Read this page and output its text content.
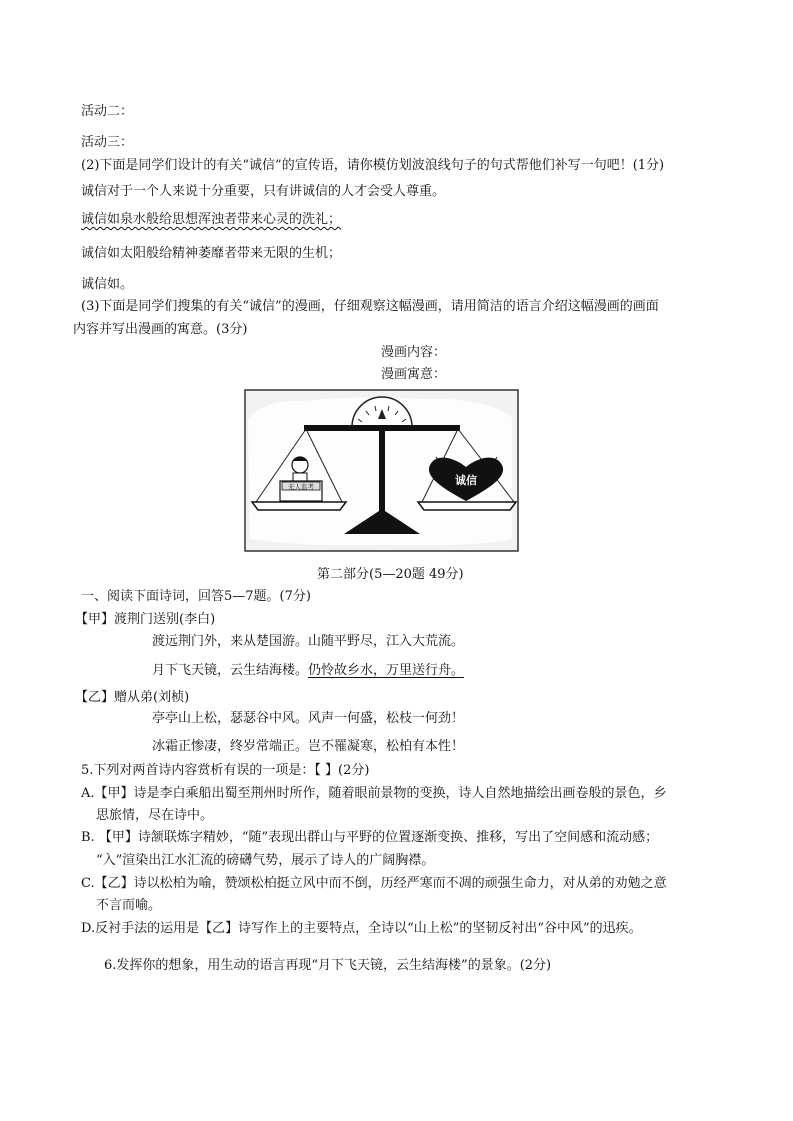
活动二：
活动三：
(2)下面是同学们设计的有关“诚信”的宣传语，请你模仿划波浪线句子的句式帮他们补写一句吧！(1分)
诚信对于一个人来说十分重要，只有讲诚信的人才会受人尊重。
诚信如泉水般给思想浑浊者带来心灵的洗礼；
诚信如太阳般给精神萎靡者带来无限的生机；
诚信如。
(3)下面是同学们搜集的有关“诚信”的漫画，仔细观察这幅漫画，请用简洁的语言介绍这幅漫画的画面
内容并写出漫画的寓意。(3分)
漫画内容：
漫画寓意：
无人监考	诚信
第二部分(5—20题 49分)
一、阅读下面诗词，回答5—7题。(7分)
【甲】渡荆门送别(李白)
渡远荆门外，来从楚国游。山随平野尽，江入大荒流。
月下飞天镜，云生结海楼。仍怜故乡水，万里送行舟。
【乙】赠从弟(刘桢)
亭亭山上松，瑟瑟谷中风。风声一何盛，松枝一何劲！
冰霜正惨凄，终岁常端正。岂不罹凝寒，松柏有本性！
5.下列对两首诗内容赏析有误的一项是：【 】(2分)
A.【甲】诗是李白乘船出蜀至荆州时所作，随着眼前景物的变换，诗人自然地描绘出画卷般的景色，乡
思旅情，尽在诗中。
B. 【甲】诗颔联炼字精妙，“随”表现出群山与平野的位置逐渐变换、推移，写出了空间感和流动感；
“入”渲染出江水汇流的磅礴气势，展示了诗人的广阔胸襟。
C.【乙】诗以松柏为喻，赞颂松柏挺立风中而不倒，历经严寒而不凋的顽强生命力，对从弟的劝勉之意
不言而喻。
D.反衬手法的运用是【乙】诗写作上的主要特点，全诗以“山上松”的坚韧反衬出“谷中风”的迅疾。
6.发挥你的想象，用生动的语言再现“月下飞天镜，云生结海楼”的景象。(2分)
